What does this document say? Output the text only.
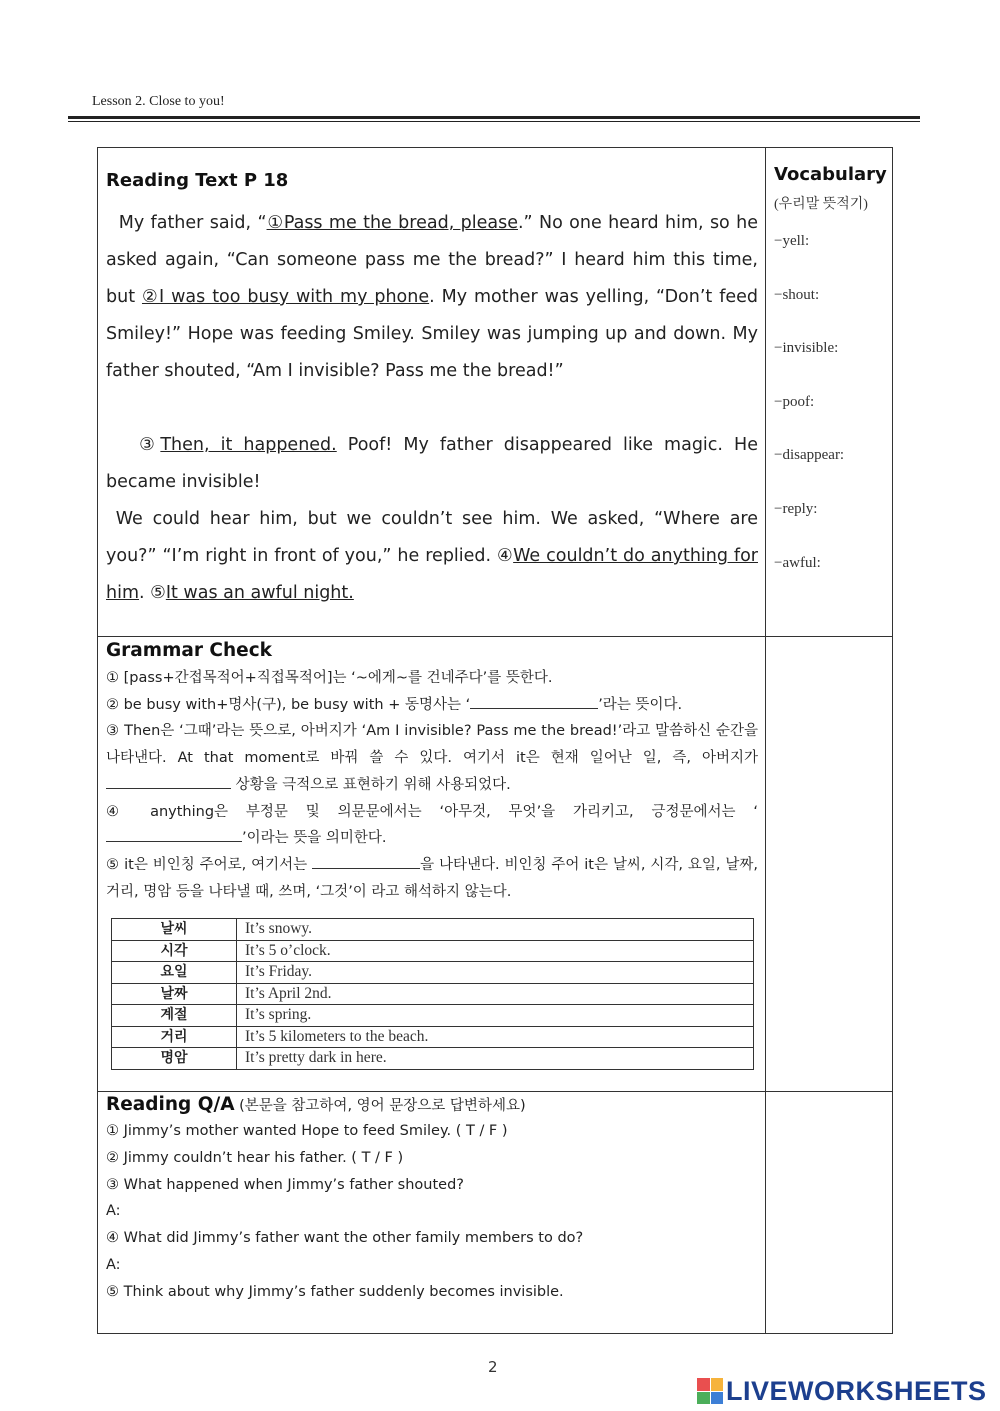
Lesson 2. Close to you!
Reading Text P 18

My father said, “①Pass me the bread, please.” No one heard him, so he asked again, “Can someone pass me the bread?” I heard him this time, but ②I was too busy with my phone. My mother was yelling, “Don’t feed Smiley!” Hope was feeding Smiley. Smiley was jumping up and down. My father shouted, “Am I invisible? Pass me the bread!”

③Then, it happened. Poof! My father disappeared like magic. He became invisible!

We could hear him, but we couldn’t see him. We asked, “Where are you?” “I’m right in front of you,” he replied. ④We couldn’t do anything for him. ⑤It was an awful night.

Vocabulary
(우리말 뜻적기)
−yell:
−shout:
−invisible:
−poof:
−disappear:
−reply:
−awful:
Grammar Check
① [pass+간접목적어+직접목적어]는 ‘~에게~를 건네주다’를 뜻한다.
② be busy with+명사(구), be busy with + 동명사는 ‘	’라는 뜻이다.
③ Then은 ‘그때’라는 뜻으로, 아버지가 ‘Am I invisible? Pass me the bread!’라고 말씀하신 순간을 나타낸다. At that moment로 바꿔 쓸 수 있다. 여기서 it은 현재 일어난 일, 즉, 아버지가  상황을 극적으로 표현하기 위해 사용되었다.
④ anything은 부정문 및 의문문에서는 ‘아무것, 무엇’을 가리키고, 긍정문에서는 ‘’이라는 뜻을 의미한다.
⑤ it은 비인칭 주어로, 여기서는	을 나타낸다. 비인칭 주어 it은 날씨, 시각, 요일, 날짜, 거리, 명암 등을 나타낼 때, 쓰며, ‘그것’이 라고 해석하지 않는다.
날씨	It’s snowy.
시각	It’s 5 o’clock.
요일	It’s Friday.
날짜	It’s April 2nd.
계절	It’s spring.
거리	It’s 5 kilometers to the beach.
명암	It’s pretty dark in here.
Reading Q/A (본문을 참고하여, 영어 문장으로 답변하세요)
① Jimmy’s mother wanted Hope to feed Smiley. ( T / F )
② Jimmy couldn’t hear his father. ( T / F )
③ What happened when Jimmy’s father shouted?
A:
④ What did Jimmy’s father want the other family members to do?
A:
⑤ Think about why Jimmy’s father suddenly becomes invisible.
2
LIVEWORKSHEETS
